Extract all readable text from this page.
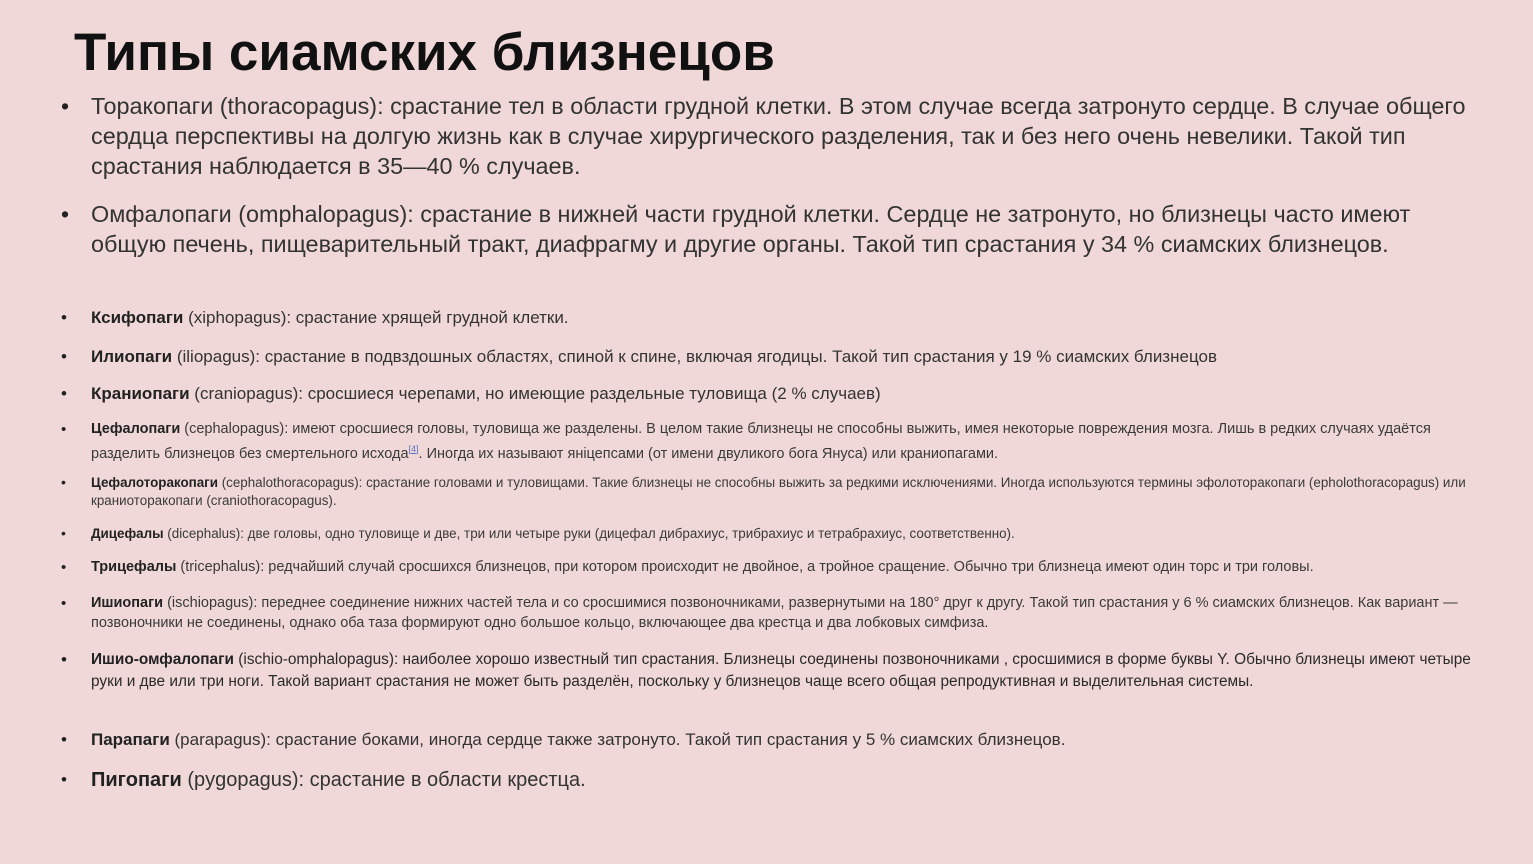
Типы сиамских близнецов
• Торакопаги (thoracopagus): срастание тел в области грудной клетки. В этом случае всегда затронуто сердце. В случае общего сердца перспективы на долгую жизнь как в случае хирургического разделения, так и без него очень невелики. Такой тип срастания наблюдается в 35—40 % случаев.
• Омфалопаги (omphalopagus): срастание в нижней части грудной клетки. Сердце не затронуто, но близнецы часто имеют общую печень, пищеварительный тракт, диафрагму и другие органы. Такой тип срастания у 34 % сиамских близнецов.
• Ксифопаги (xiphopagus): срастание хрящей грудной клетки.
• Илиопаги (iliopagus): срастание в подвздошных областях, спиной к спине, включая ягодицы. Такой тип срастания у 19 % сиамских близнецов
• Краниопаги (craniopagus): сросшиеся черепами, но имеющие раздельные туловища (2 % случаев)
• Цефалопаги (cephalopagus): имеют сросшиеся головы, туловища же разделены. В целом такие близнецы не способны выжить, имея некоторые повреждения мозга. Лишь в редких случаях удаётся разделить близнецов без смертельного исхода[4]. Иногда их называют янiцепсами (от имени двуликого бога Януса) или краниопагами.
• Цефалоторакопаги (cephalothoracopagus): срастание головами и туловищами. Такие близнецы не способны выжить за редкими исключениями. Иногда используются термины эфолоторакопаги (epholothoracopagus) или краниоторакопаги (craniothoracopagus).
• Дицефалы (dicephalus): две головы, одно туловище и две, три или четыре руки (дицефал дибрахиус, трибрахиус и тетрабрахиус, соответственно).
• Трицефалы (tricephalus): редчайший случай сросшихся близнецов, при котором происходит не двойное, а тройное сращение. Обычно три близнеца имеют один торс и три головы.
• Ишиопаги (ischiopagus): переднее соединение нижних частей тела и со сросшимися позвоночниками, развернутыми на 180° друг к другу. Такой тип срастания у 6 % сиамских близнецов. Как вариант — позвоночники не соединены, однако оба таза формируют одно большое кольцо, включающее два крестца и два лобковых симфиза.
• Ишио-омфалопаги (ischio-omphalopagus): наиболее хорошо известный тип срастания. Близнецы соединены позвоночниками , сросшимися в форме буквы Y. Обычно близнецы имеют четыре руки и две или три ноги. Такой вариант срастания не может быть разделён, поскольку у близнецов чаще всего общая репродуктивная и выделительная системы.
• Парапаги (parapagus): срастание боками, иногда сердце также затронуто. Такой тип срастания у 5 % сиамских близнецов.
• Пигопаги (pygopagus): срастание в области крестца.
